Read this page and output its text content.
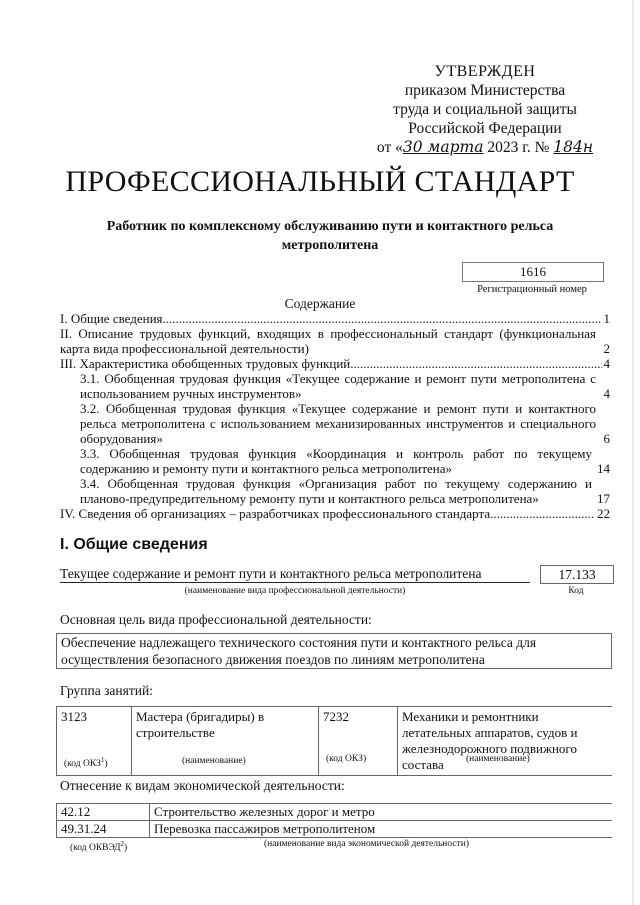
УТВЕРЖДЕН
приказом Министерства
труда и социальной защиты
Российской Федерации
от «30 марта 2023 г. № 184н
ПРОФЕССИОНАЛЬНЫЙ СТАНДАРТ
Работник по комплексному обслуживанию пути и контактного рельса метрополитена
1616
Регистрационный номер
Содержание
I. Общие сведения .....	1
II. Описание трудовых функций, входящих в профессиональный стандарт (функциональная карта вида профессиональной деятельности)	2
III. Характеристика обобщенных трудовых функций .....	4
3.1. Обобщенная трудовая функция «Текущее содержание и ремонт пути метрополитена с использованием ручных инструментов»	4
3.2. Обобщенная трудовая функция «Текущее содержание и ремонт пути и контактного рельса метрополитена с использованием механизированных инструментов и специального оборудования»	6
3.3. Обобщенная трудовая функция «Координация и контроль работ по текущему содержанию и ремонту пути и контактного рельса метрополитена»	14
3.4. Обобщенная трудовая функция «Организация работ по текущему содержанию и планово-предупредительному ремонту пути и контактного рельса метрополитена»	17
IV. Сведения об организациях – разработчиках профессионального стандарта .....	22
I. Общие сведения
Текущее содержание и ремонт пути и контактного рельса метрополитена	17.133
(наименование вида профессиональной деятельности)	Код
Основная цель вида профессиональной деятельности:
Обеспечение надлежащего технического состояния пути и контактного рельса для осуществления безопасного движения поездов по линиям метрополитена
Группа занятий:
3123	Мастера (бригадиры) в строительстве	7232	Механики и ремонтники летательных аппаратов, судов и железнодорожного подвижного состава
(код ОКЗ$^1$)	(наименование)	(код ОКЗ)	(наименование)
Отнесение к видам экономической деятельности:
42.12	Строительство железных дорог и метро
49.31.24	Перевозка пассажиров метрополитеном
(код ОКВЭД$^2$)	(наименование вида экономической деятельности)
